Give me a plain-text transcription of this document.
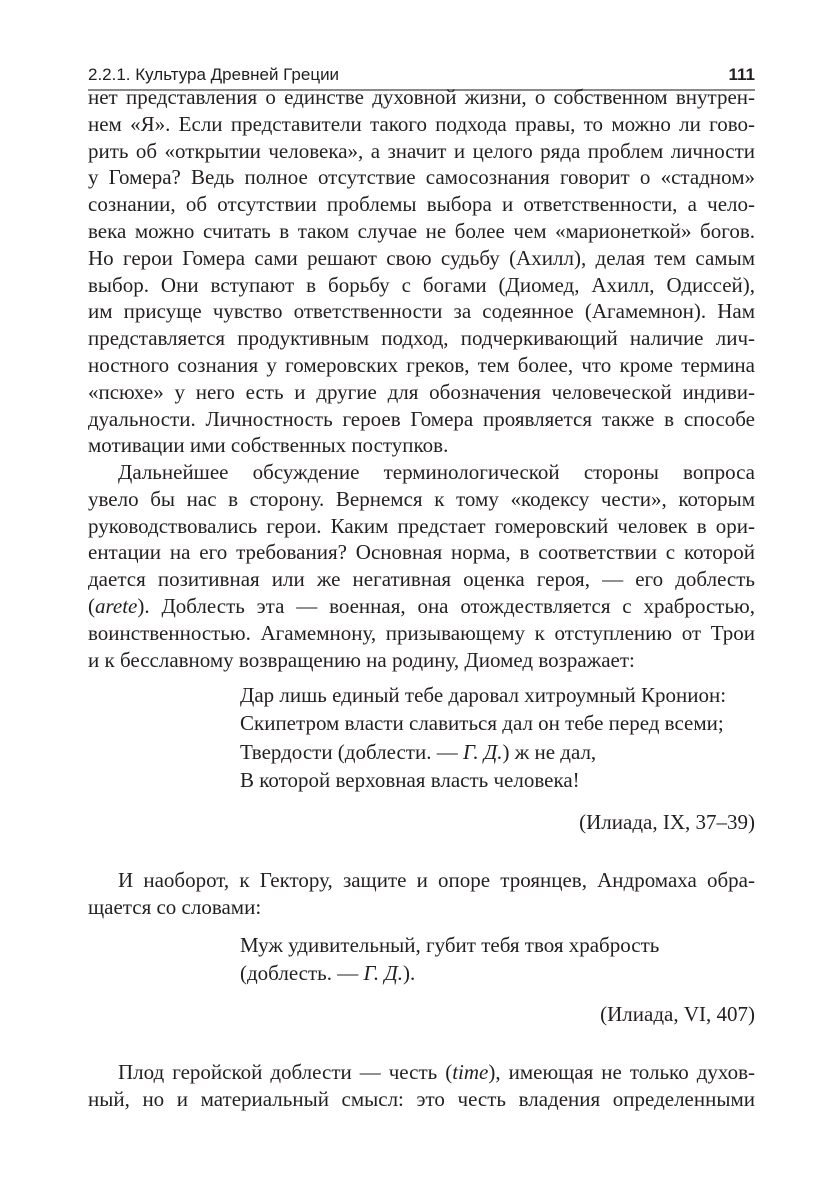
2.2.1. Культура Древней Греции	111
нет представления о единстве духовной жизни, о собственном внутрен-
нем «Я». Если представители такого подхода правы, то можно ли гово-
рить об «открытии человека», а значит и целого ряда проблем личности
у Гомера? Ведь полное отсутствие самосознания говорит о «стадном»
сознании, об отсутствии проблемы выбора и ответственности, а чело-
века можно считать в таком случае не более чем «марионеткой» богов.
Но герои Гомера сами решают свою судьбу (Ахилл), делая тем самым
выбор. Они вступают в борьбу с богами (Диомед, Ахилл, Одиссей),
им присуще чувство ответственности за содеянное (Агамемнон). Нам
представляется продуктивным подход, подчеркивающий наличие лич-
ностного сознания у гомеровских греков, тем более, что кроме термина
«псюхе» у него есть и другие для обозначения человеческой индиви-
дуальности. Личностность героев Гомера проявляется также в способе
мотивации ими собственных поступков.
Дальнейшее обсуждение терминологической стороны вопроса
увело бы нас в сторону. Вернемся к тому «кодексу чести», которым
руководствовались герои. Каким предстает гомеровский человек в ори-
ентации на его требования? Основная норма, в соответствии с которой
дается позитивная или же негативная оценка героя, — его доблесть
(arete). Доблесть эта — военная, она отождествляется с храбростью,
воинственностью. Агамемнону, призывающему к отступлению от Трои
и к бесславному возвращению на родину, Диомед возражает:
Дар лишь единый тебе даровал хитроумный Кронион:
Скипетром власти славиться дал он тебе перед всеми;
Твердости (доблести. — Г. Д.) ж не дал,
В которой верховная власть человека!
(Илиада, IX, 37–39)
И наоборот, к Гектору, защите и опоре троянцев, Андромаха обра-
щается со словами:
Муж удивительный, губит тебя твоя храбрость
(доблесть. — Г. Д.).
(Илиада, VI, 407)
Плод геройской доблести — честь (time), имеющая не только духов-
ный, но и материальный смысл: это честь владения определенными
